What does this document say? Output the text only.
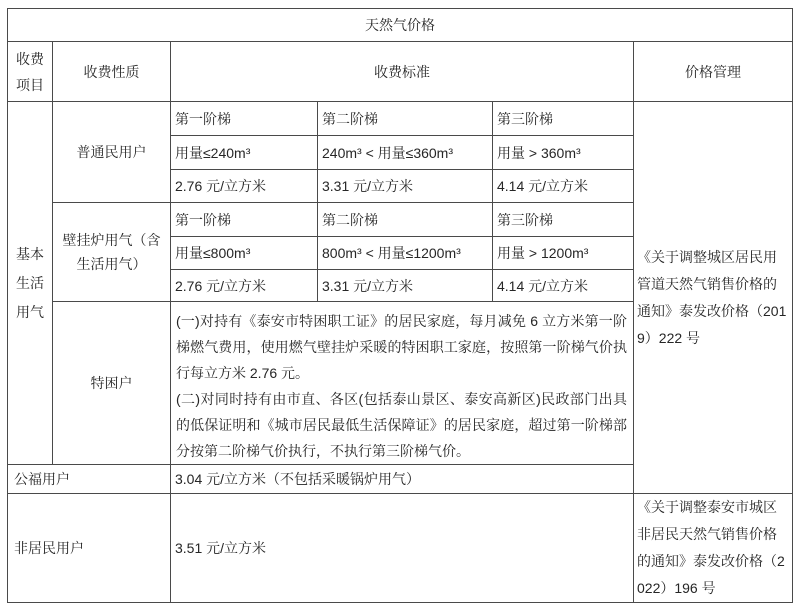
天然气价格					
收费项目	收费性质	收费标准			价格管理
基本生活用气	普通民用户	第一阶梯	第二阶梯	第三阶梯	《关于调整城区居民用管道天然气销售价格的通知》泰发改价格（2019）222 号
		用量≤240m³	240m³ < 用量≤360m³	用量 > 360m³	
		2.76 元/立方米	3.31 元/立方米	4.14 元/立方米	
	壁挂炉用气（含生活用气）	第一阶梯	第二阶梯	第三阶梯	
		用量≤800m³	800m³ < 用量≤1200m³	用量 > 1200m³	
		2.76 元/立方米	3.31 元/立方米	4.14 元/立方米	
	特困户	(一)对持有《泰安市特困职工证》的居民家庭，每月减免 6 立方米第一阶梯燃气费用，使用燃气壁挂炉采暖的特困职工家庭，按照第一阶梯气价执行每立方米 2.76 元。
(二)对同时持有由市直、各区(包括泰山景区、泰安高新区)民政部门出具的低保证明和《城市居民最低生活保障证》的居民家庭，超过第一阶梯部分按第二阶梯气价执行，不执行第三阶梯气价。			

公福用户		3.04 元/立方米（不包括采暖锅炉用气）			
非居民用户		3.51 元/立方米			《关于调整泰安市城区非居民天然气销售价格的通知》泰发改价格（2022）196 号
